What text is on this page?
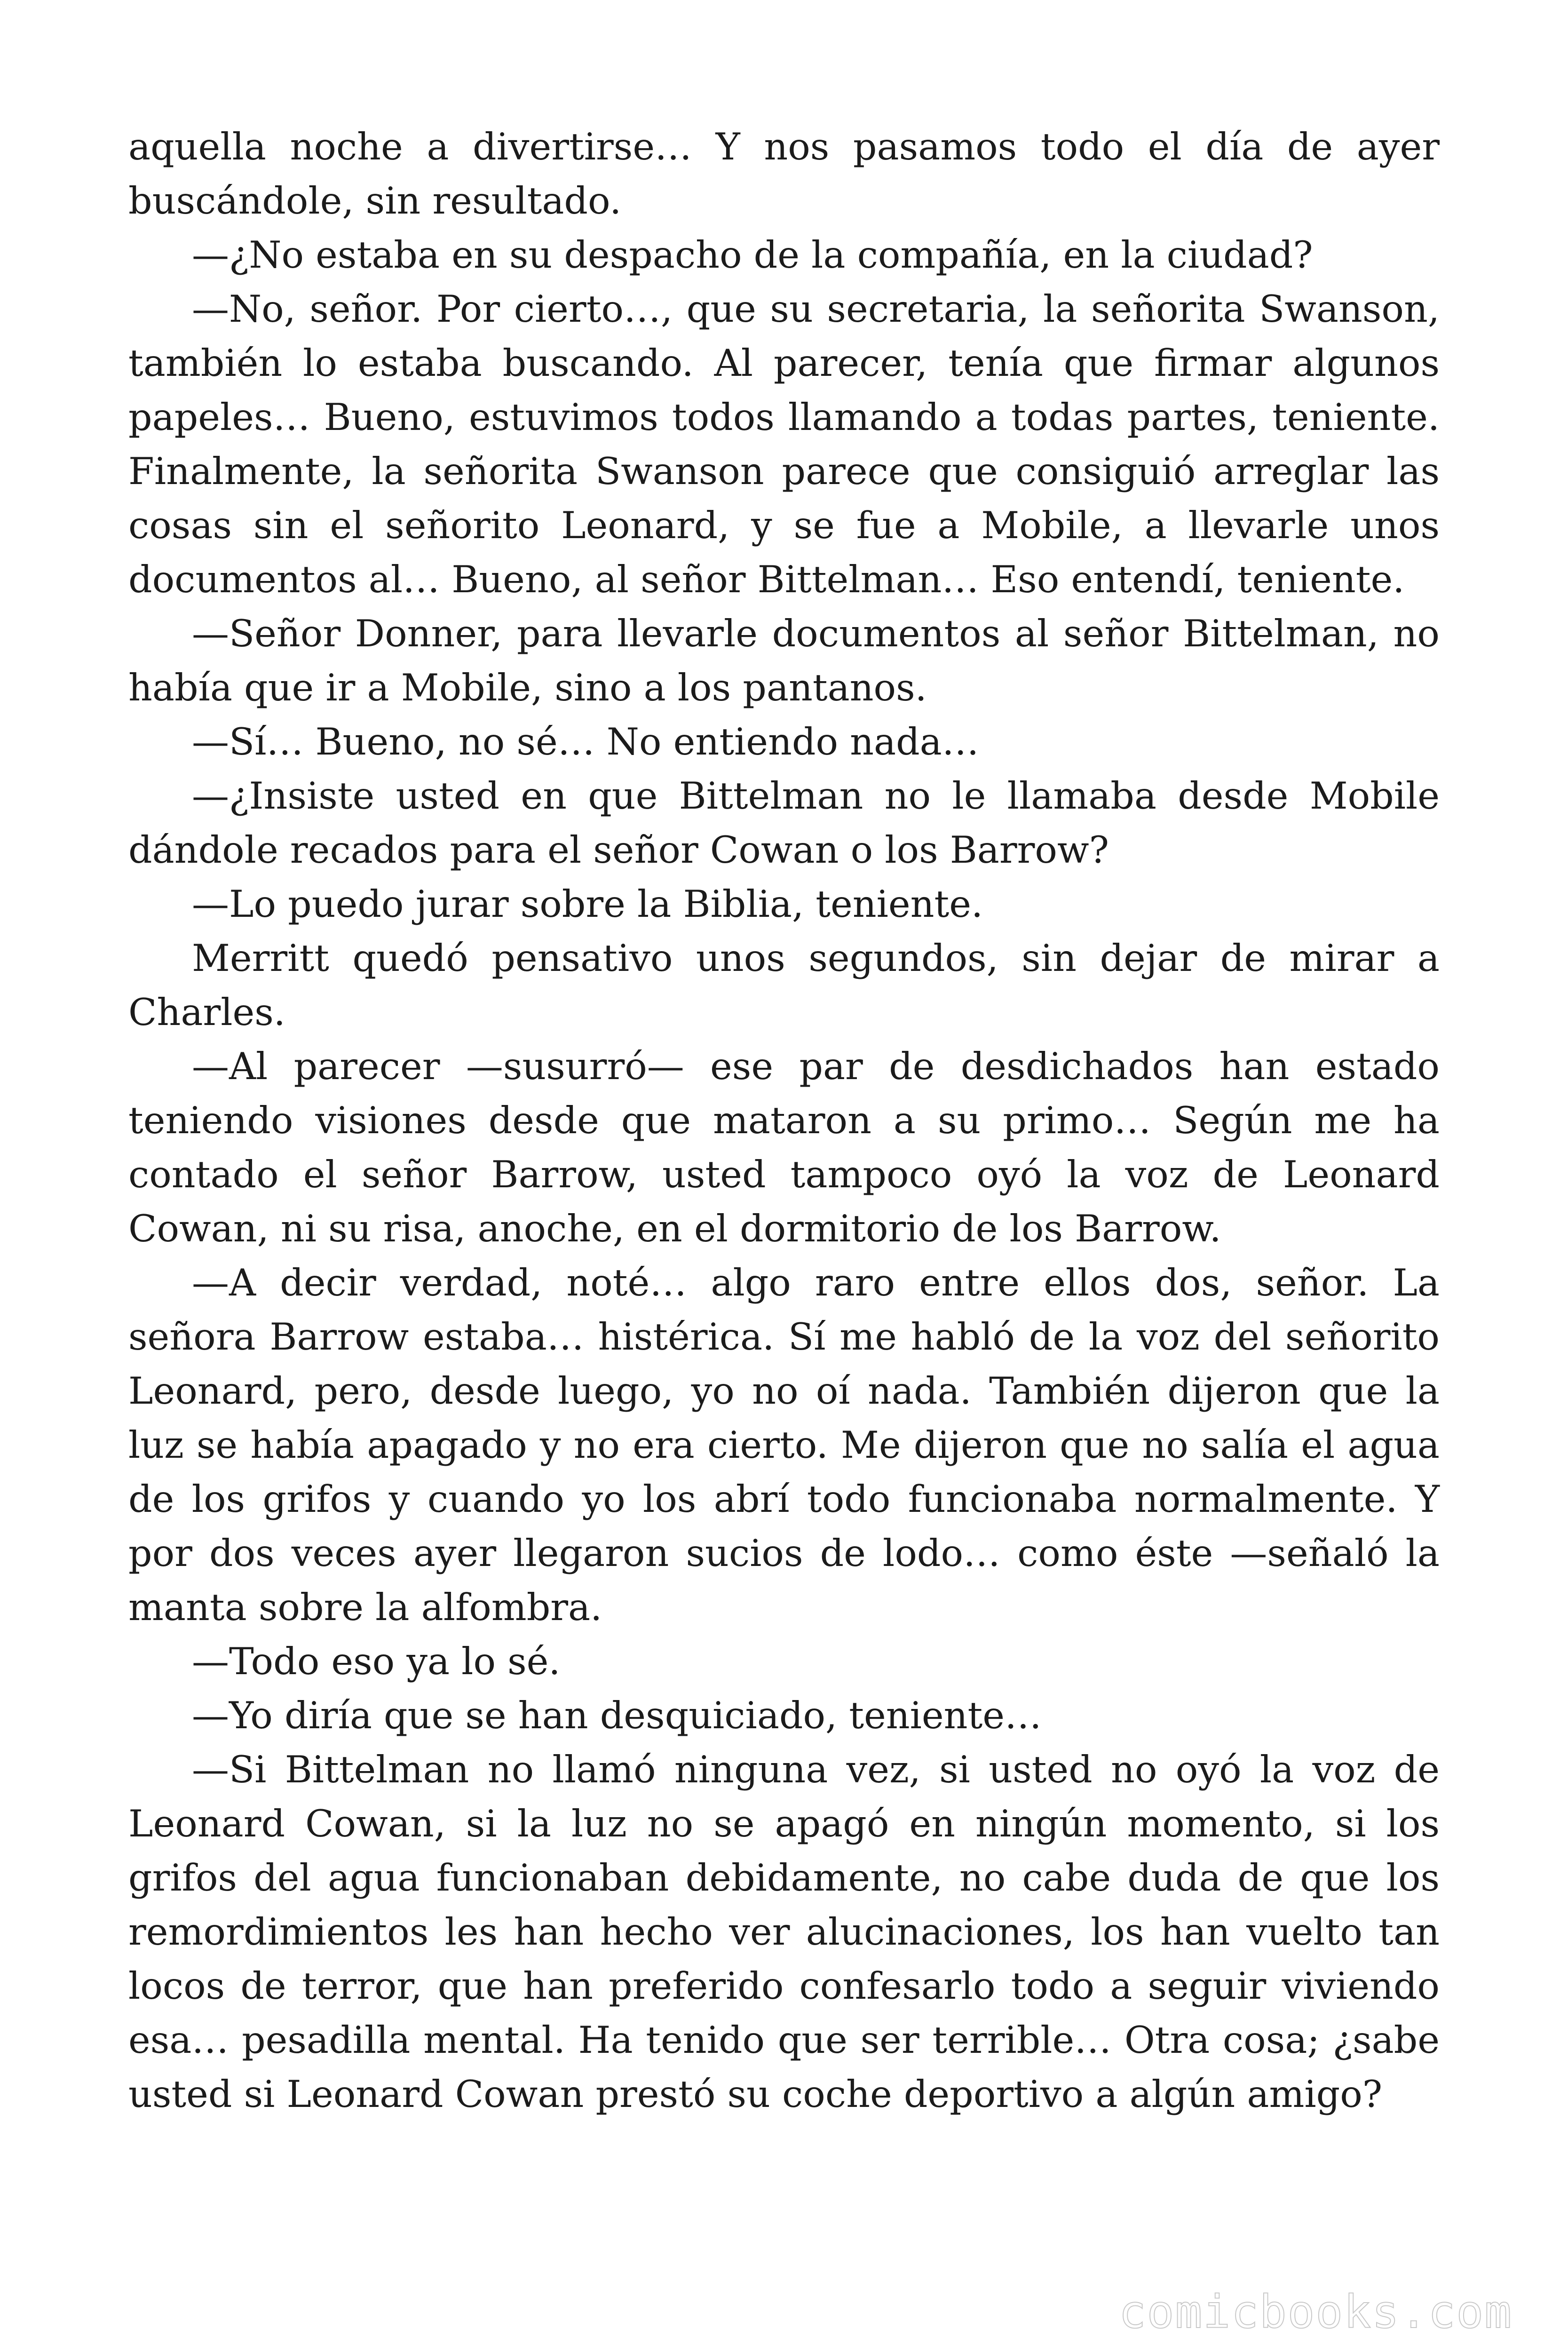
aquella noche a divertirse… Y nos pasamos todo el día de ayer buscándole, sin resultado.

—¿No estaba en su despacho de la compañía, en la ciudad?

—No, señor. Por cierto…, que su secretaria, la señorita Swanson, también lo estaba buscando. Al parecer, tenía que firmar algunos papeles… Bueno, estuvimos todos llamando a todas partes, teniente. Finalmente, la señorita Swanson parece que consiguió arreglar las cosas sin el señorito Leonard, y se fue a Mobile, a llevarle unos documentos al… Bueno, al señor Bittelman… Eso entendí, teniente.

—Señor Donner, para llevarle documentos al señor Bittelman, no había que ir a Mobile, sino a los pantanos.

—Sí… Bueno, no sé… No entiendo nada…

—¿Insiste usted en que Bittelman no le llamaba desde Mobile dándole recados para el señor Cowan o los Barrow?

—Lo puedo jurar sobre la Biblia, teniente.

Merritt quedó pensativo unos segundos, sin dejar de mirar a Charles.

—Al parecer —susurró— ese par de desdichados han estado teniendo visiones desde que mataron a su primo… Según me ha contado el señor Barrow, usted tampoco oyó la voz de Leonard Cowan, ni su risa, anoche, en el dormitorio de los Barrow.

—A decir verdad, noté… algo raro entre ellos dos, señor. La señora Barrow estaba… histérica. Sí me habló de la voz del señorito Leonard, pero, desde luego, yo no oí nada. También dijeron que la luz se había apagado y no era cierto. Me dijeron que no salía el agua de los grifos y cuando yo los abrí todo funcionaba normalmente. Y por dos veces ayer llegaron sucios de lodo… como éste —señaló la manta sobre la alfombra.

—Todo eso ya lo sé.

—Yo diría que se han desquiciado, teniente…

—Si Bittelman no llamó ninguna vez, si usted no oyó la voz de Leonard Cowan, si la luz no se apagó en ningún momento, si los grifos del agua funcionaban debidamente, no cabe duda de que los remordimientos les han hecho ver alucinaciones, los han vuelto tan locos de terror, que han preferido confesarlo todo a seguir viviendo esa… pesadilla mental. Ha tenido que ser terrible… Otra cosa; ¿sabe usted si Leonard Cowan prestó su coche deportivo a algún amigo?

comicbooks.com
